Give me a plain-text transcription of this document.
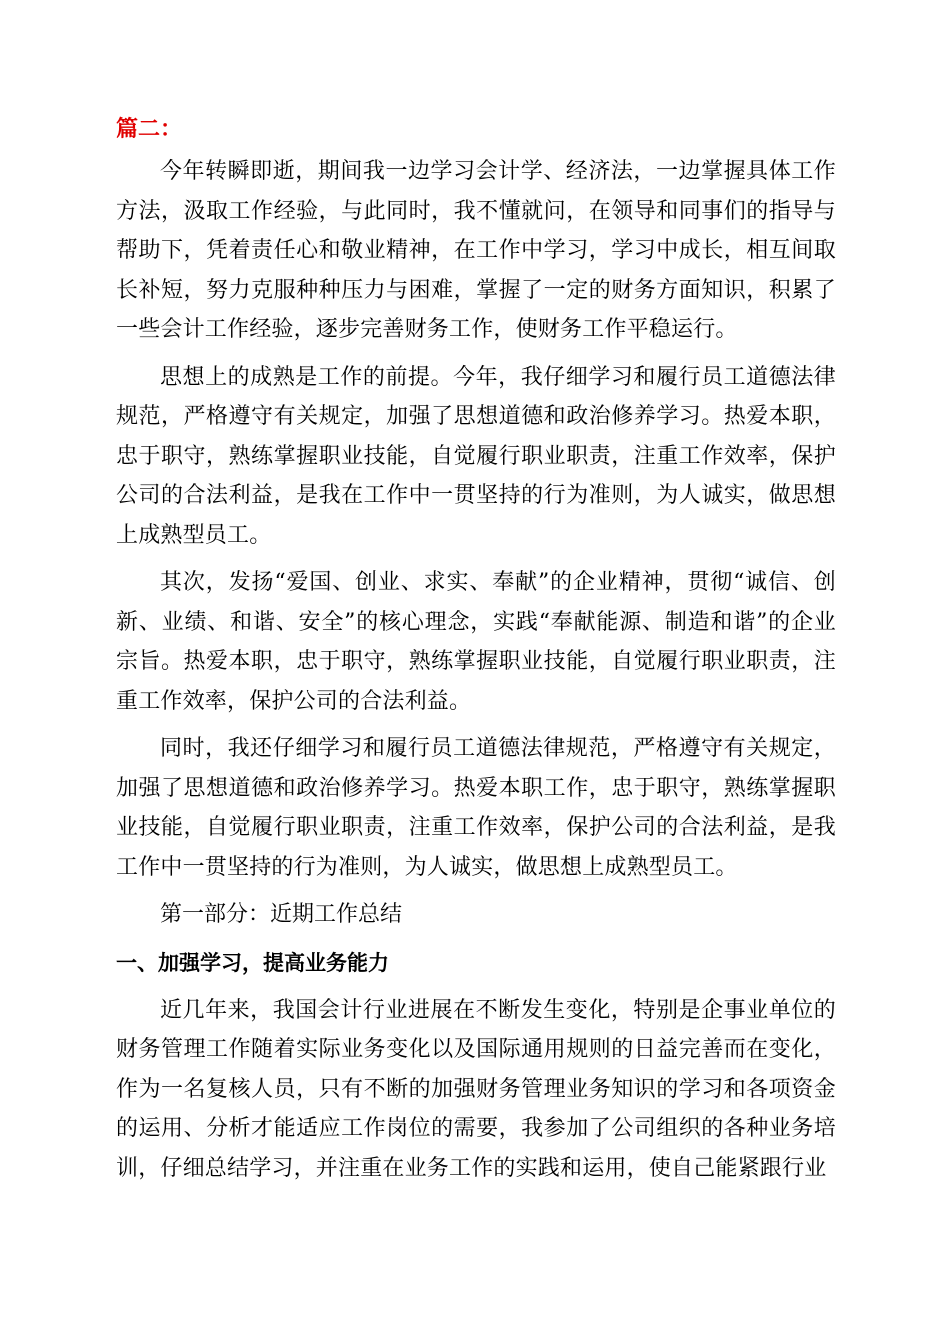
篇二：

今年转瞬即逝，期间我一边学习会计学、经济法，一边掌握具体工作方法，汲取工作经验，与此同时，我不懂就问，在领导和同事们的指导与帮助下，凭着责任心和敬业精神，在工作中学习，学习中成长，相互间取长补短，努力克服种种压力与困难，掌握了一定的财务方面知识，积累了一些会计工作经验，逐步完善财务工作，使财务工作平稳运行。

思想上的成熟是工作的前提。今年，我仔细学习和履行员工道德法律规范，严格遵守有关规定，加强了思想道德和政治修养学习。热爱本职，忠于职守，熟练掌握职业技能，自觉履行职业职责，注重工作效率，保护公司的合法利益，是我在工作中一贯坚持的行为准则，为人诚实，做思想上成熟型员工。

其次，发扬“爱国、创业、求实、奉献”的企业精神，贯彻“诚信、创新、业绩、和谐、安全”的核心理念，实践“奉献能源、制造和谐”的企业宗旨。热爱本职，忠于职守，熟练掌握职业技能，自觉履行职业职责，注重工作效率，保护公司的合法利益。

同时，我还仔细学习和履行员工道德法律规范，严格遵守有关规定，加强了思想道德和政治修养学习。热爱本职工作，忠于职守，熟练掌握职业技能，自觉履行职业职责，注重工作效率，保护公司的合法利益，是我工作中一贯坚持的行为准则，为人诚实，做思想上成熟型员工。

第一部分：近期工作总结

一、加强学习，提高业务能力

近几年来，我国会计行业进展在不断发生变化，特别是企事业单位的财务管理工作随着实际业务变化以及国际通用规则的日益完善而在变化，作为一名复核人员，只有不断的加强财务管理业务知识的学习和各项资金的运用、分析才能适应工作岗位的需要，我参加了公司组织的各种业务培训，仔细总结学习，并注重在业务工作的实践和运用，使自己能紧跟行业
